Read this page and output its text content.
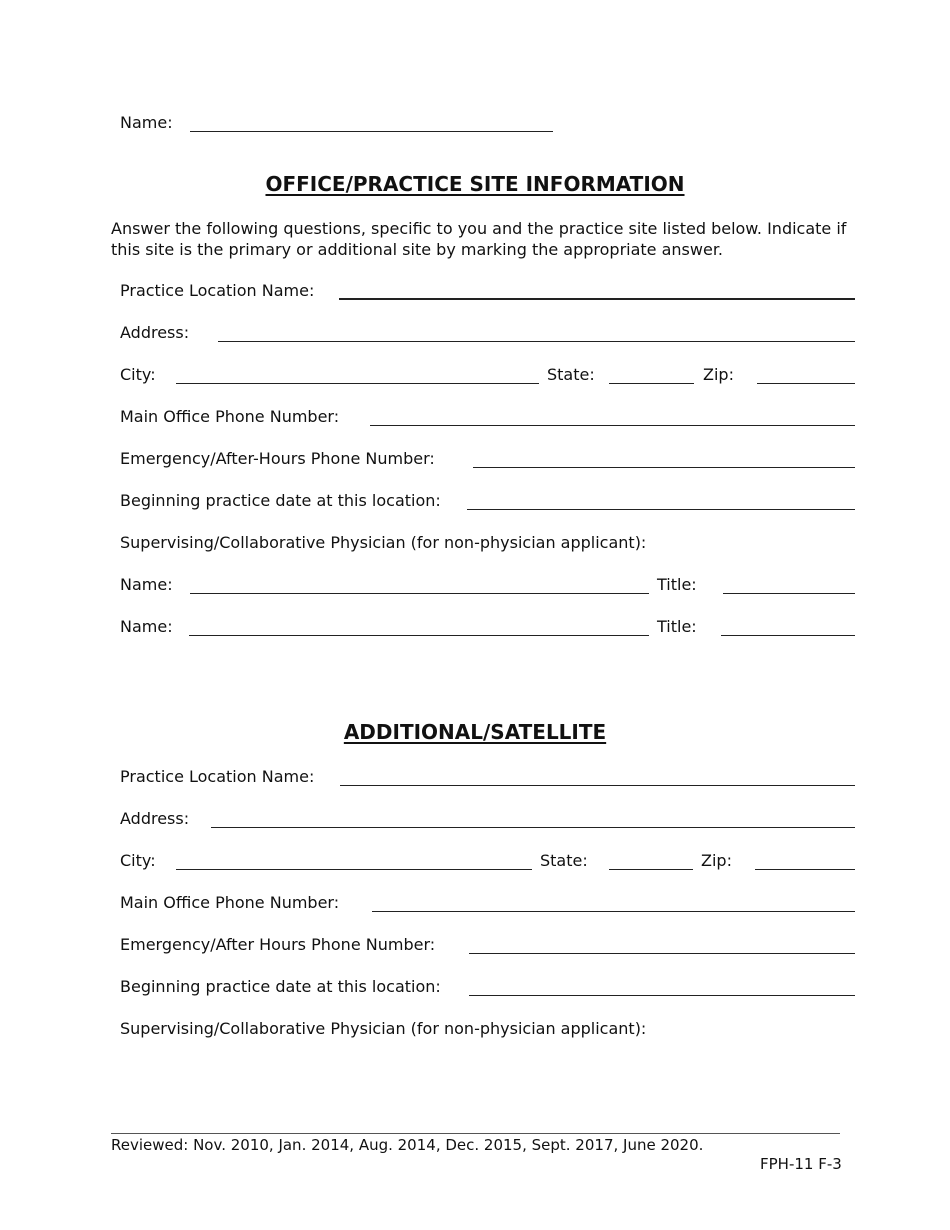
Name:
OFFICE/PRACTICE SITE INFORMATION
Answer the following questions, specific to you and the practice site listed below. Indicate if this site is the primary or additional site by marking the appropriate answer.
Practice Location Name:
Address:
City:	State:	Zip:
Main Office Phone Number:
Emergency/After-Hours Phone Number:
Beginning practice date at this location:
Supervising/Collaborative Physician (for non-physician applicant):
Name:	Title:
Name:	Title:
ADDITIONAL/SATELLITE
Practice Location Name:
Address:
City:	State:	Zip:
Main Office Phone Number:
Emergency/After Hours Phone Number:
Beginning practice date at this location:
Supervising/Collaborative Physician (for non-physician applicant):
Reviewed: Nov. 2010, Jan. 2014, Aug. 2014, Dec. 2015, Sept. 2017, June 2020.
FPH-11 F-3
